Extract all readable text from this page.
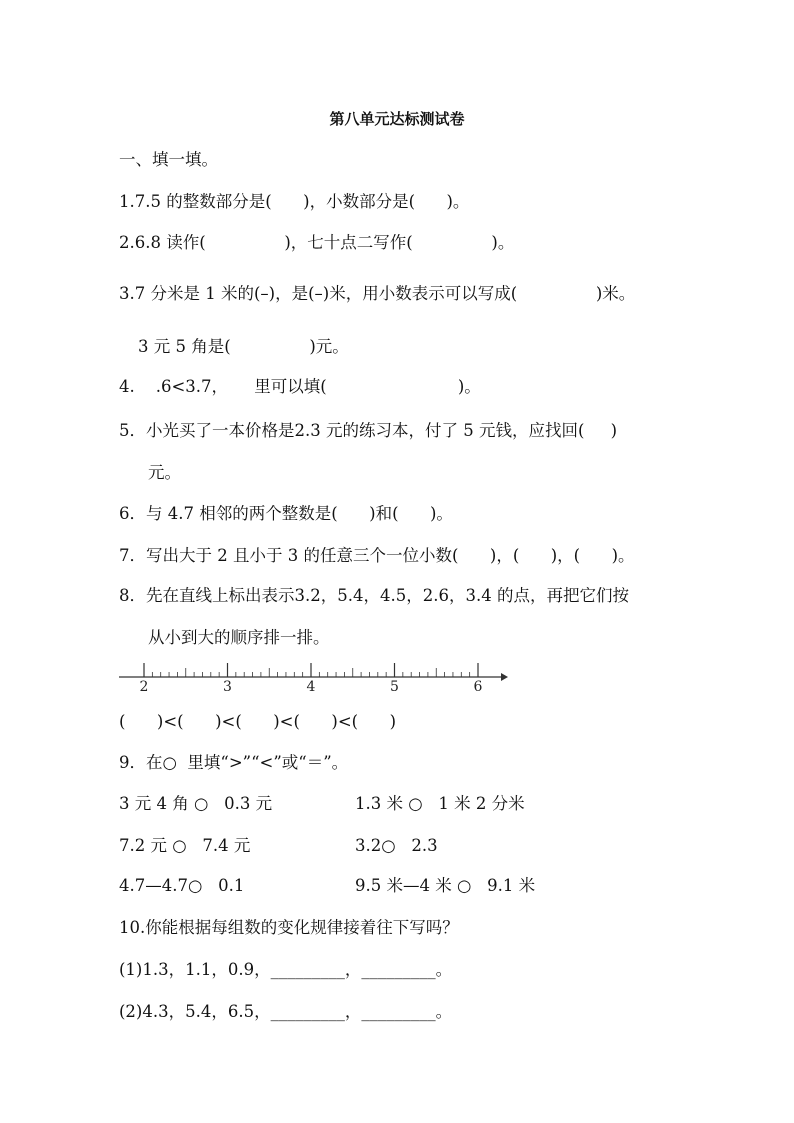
第八单元达标测试卷
一、填一填。
1.7.5 的整数部分是(      )，小数部分是(      )。
2.6.8 读作(               )，七十点二写作(               )。
3.7 分米是 1 米的(–)，是(–)米，用小数表示可以写成(               )米。
3 元 5 角是(               )元。
4.    .6<3.7，     里可以填(                         )。
5．小光买了一本价格是2.3 元的练习本，付了 5 元钱，应找回(     )
元。
6．与 4.7 相邻的两个整数是(      )和(      )。
7．写出大于 2 且小于 3 的任意三个一位小数(      )，(      )，(      )。
8．先在直线上标出表示3.2，5.4，4.5，2.6，3.4 的点，再把它们按
从小到大的顺序排一排。
2	3	4	5	6
(      )<(      )<(      )<(      )<(      )
9．在○  里填“>”“<”或“＝”。
3 元 4 角 ○   0.3 元	1.3 米 ○   1 米 2 分米
7.2 元 ○   7.4 元	3.2○   2.3
4.7—4.7○   0.1	9.5 米—4 米 ○   9.1 米
10.你能根据每组数的变化规律接着往下写吗？
(1)1.3，1.1，0.9，_________，_________。
(2)4.3，5.4，6.5，_________，_________。
